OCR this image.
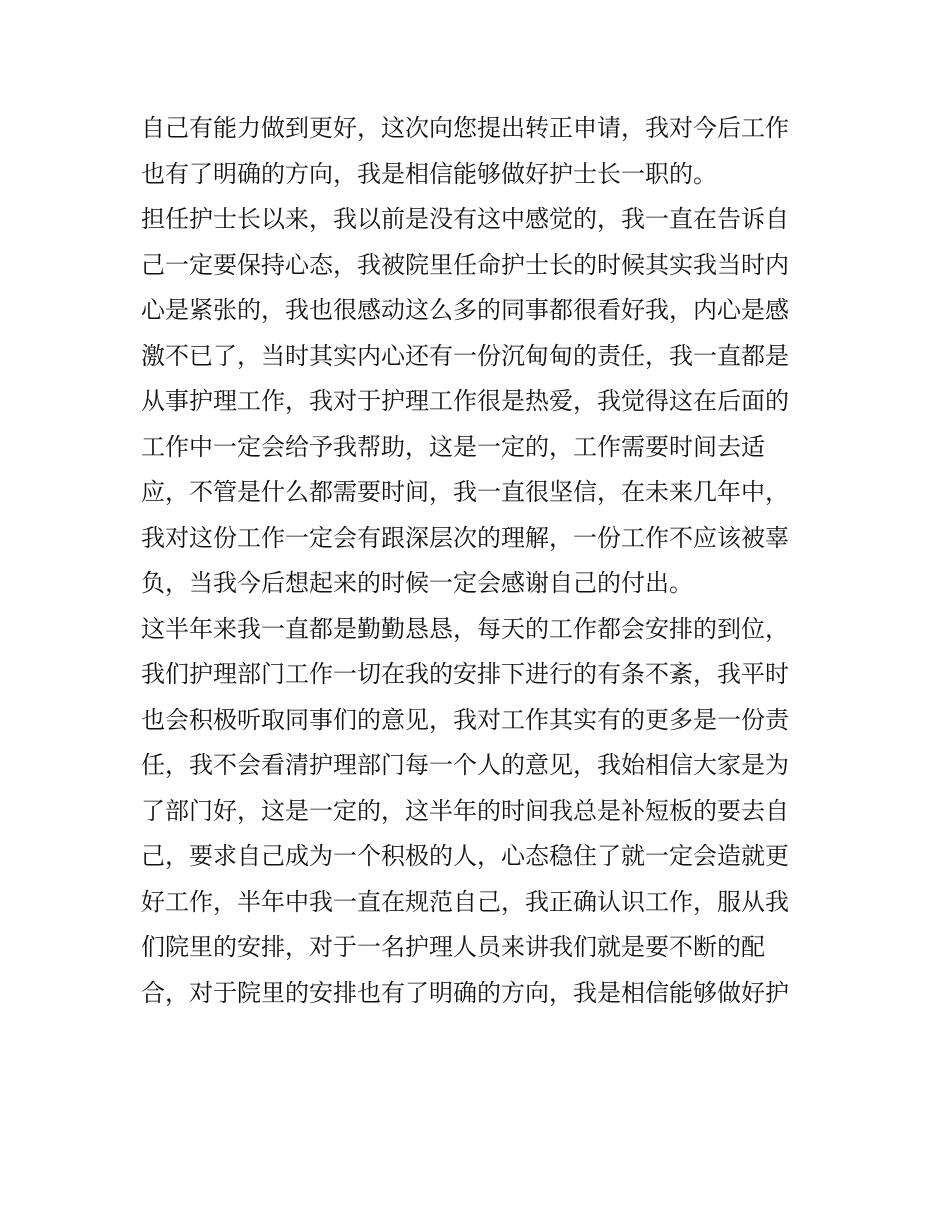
自己有能力做到更好，这次向您提出转正申请，我对今后工作
也有了明确的方向，我是相信能够做好护士长一职的。
担任护士长以来，我以前是没有这中感觉的，我一直在告诉自
己一定要保持心态，我被院里任命护士长的时候其实我当时内
心是紧张的，我也很感动这么多的同事都很看好我，内心是感
激不已了，当时其实内心还有一份沉甸甸的责任，我一直都是
从事护理工作，我对于护理工作很是热爱，我觉得这在后面的
工作中一定会给予我帮助，这是一定的，工作需要时间去适
应，不管是什么都需要时间，我一直很坚信，在未来几年中，
我对这份工作一定会有跟深层次的理解，一份工作不应该被辜
负，当我今后想起来的时候一定会感谢自己的付出。
这半年来我一直都是勤勤恳恳，每天的工作都会安排的到位，
我们护理部门工作一切在我的安排下进行的有条不紊，我平时
也会积极听取同事们的意见，我对工作其实有的更多是一份责
任，我不会看清护理部门每一个人的意见，我始相信大家是为
了部门好，这是一定的，这半年的时间我总是补短板的要去自
己，要求自己成为一个积极的人，心态稳住了就一定会造就更
好工作，半年中我一直在规范自己，我正确认识工作，服从我
们院里的安排，对于一名护理人员来讲我们就是要不断的配
合，对于院里的安排也有了明确的方向，我是相信能够做好护
